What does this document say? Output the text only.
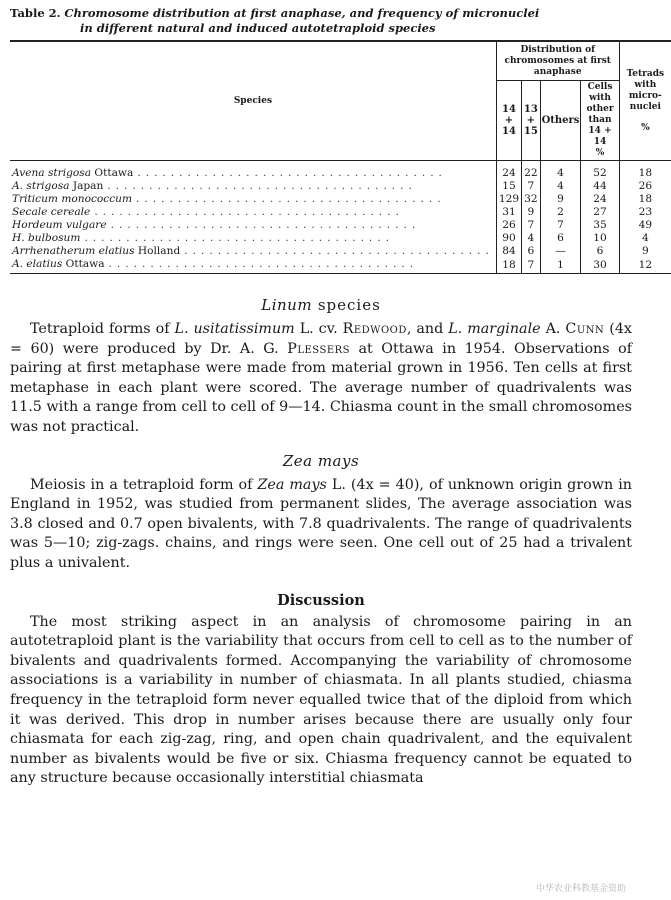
Table 2. Chromosome distribution at first anaphase, and frequency of micronuclei
in different natural and induced autotetraploid species
Species	Distribution of chromosomes at first anaphase				Tetrads with micro-nuclei
%

	14 + 14	13 + 15	Others	Cells with other than 14 + 14
%	

Avena strigosa Ottawa .....................................	24	22	4	52	18

A. strigosa Japan .....................................	15	7	4	44	26

Triticum monococcum .....................................	129	32	9	24	18

Secale cereale .....................................	31	9	2	27	23

Hordeum vulgare .....................................	26	7	7	35	49

H. bulbosum .....................................	90	4	6	10	4

Arrhenatherum elatius Holland .....................................	84	6	—	6	9

A. elatius Ottawa .....................................	18	7	1	30	12
Linum species

Tetraploid forms of L. usitatissimum L. cv. Redwood, and L. marginale A. Cunn (4x = 60) were produced by Dr. A. G. Plessers at Ottawa in 1954. Observations of pairing at first metaphase were made from material grown in 1956. Ten cells at first metaphase in each plant were scored. The average number of quadrivalents was 11.5 with a range from cell to cell of 9—14. Chiasma count in the small chromosomes was not practical.

Zea mays

Meiosis in a tetraploid form of Zea mays L. (4x = 40), of unknown origin grown in England in 1952, was studied from permanent slides, The average association was 3.8 closed and 0.7 open bivalents, with 7.8 quadrivalents. The range of quadrivalents was 5—10; zig-zags. chains, and rings were seen. One cell out of 25 had a trivalent plus a univalent.

Discussion

The most striking aspect in an analysis of chromosome pairing in an autotetraploid plant is the variability that occurs from cell to cell as to the number of bivalents and quadrivalents formed. Accompanying the variability of chromosome associations is a variability in number of chiasmata. In all plants studied, chiasma frequency in the tetraploid form never equalled twice that of the diploid from which it was derived. This drop in number arises because there are usually only four chiasmata for each zig-zag, ring, and open chain quadrivalent, and the equivalent number as bivalents would be five or six. Chiasma frequency cannot be equated to any structure because occasionally interstitial chiasmata

中华农业科教基金资助
